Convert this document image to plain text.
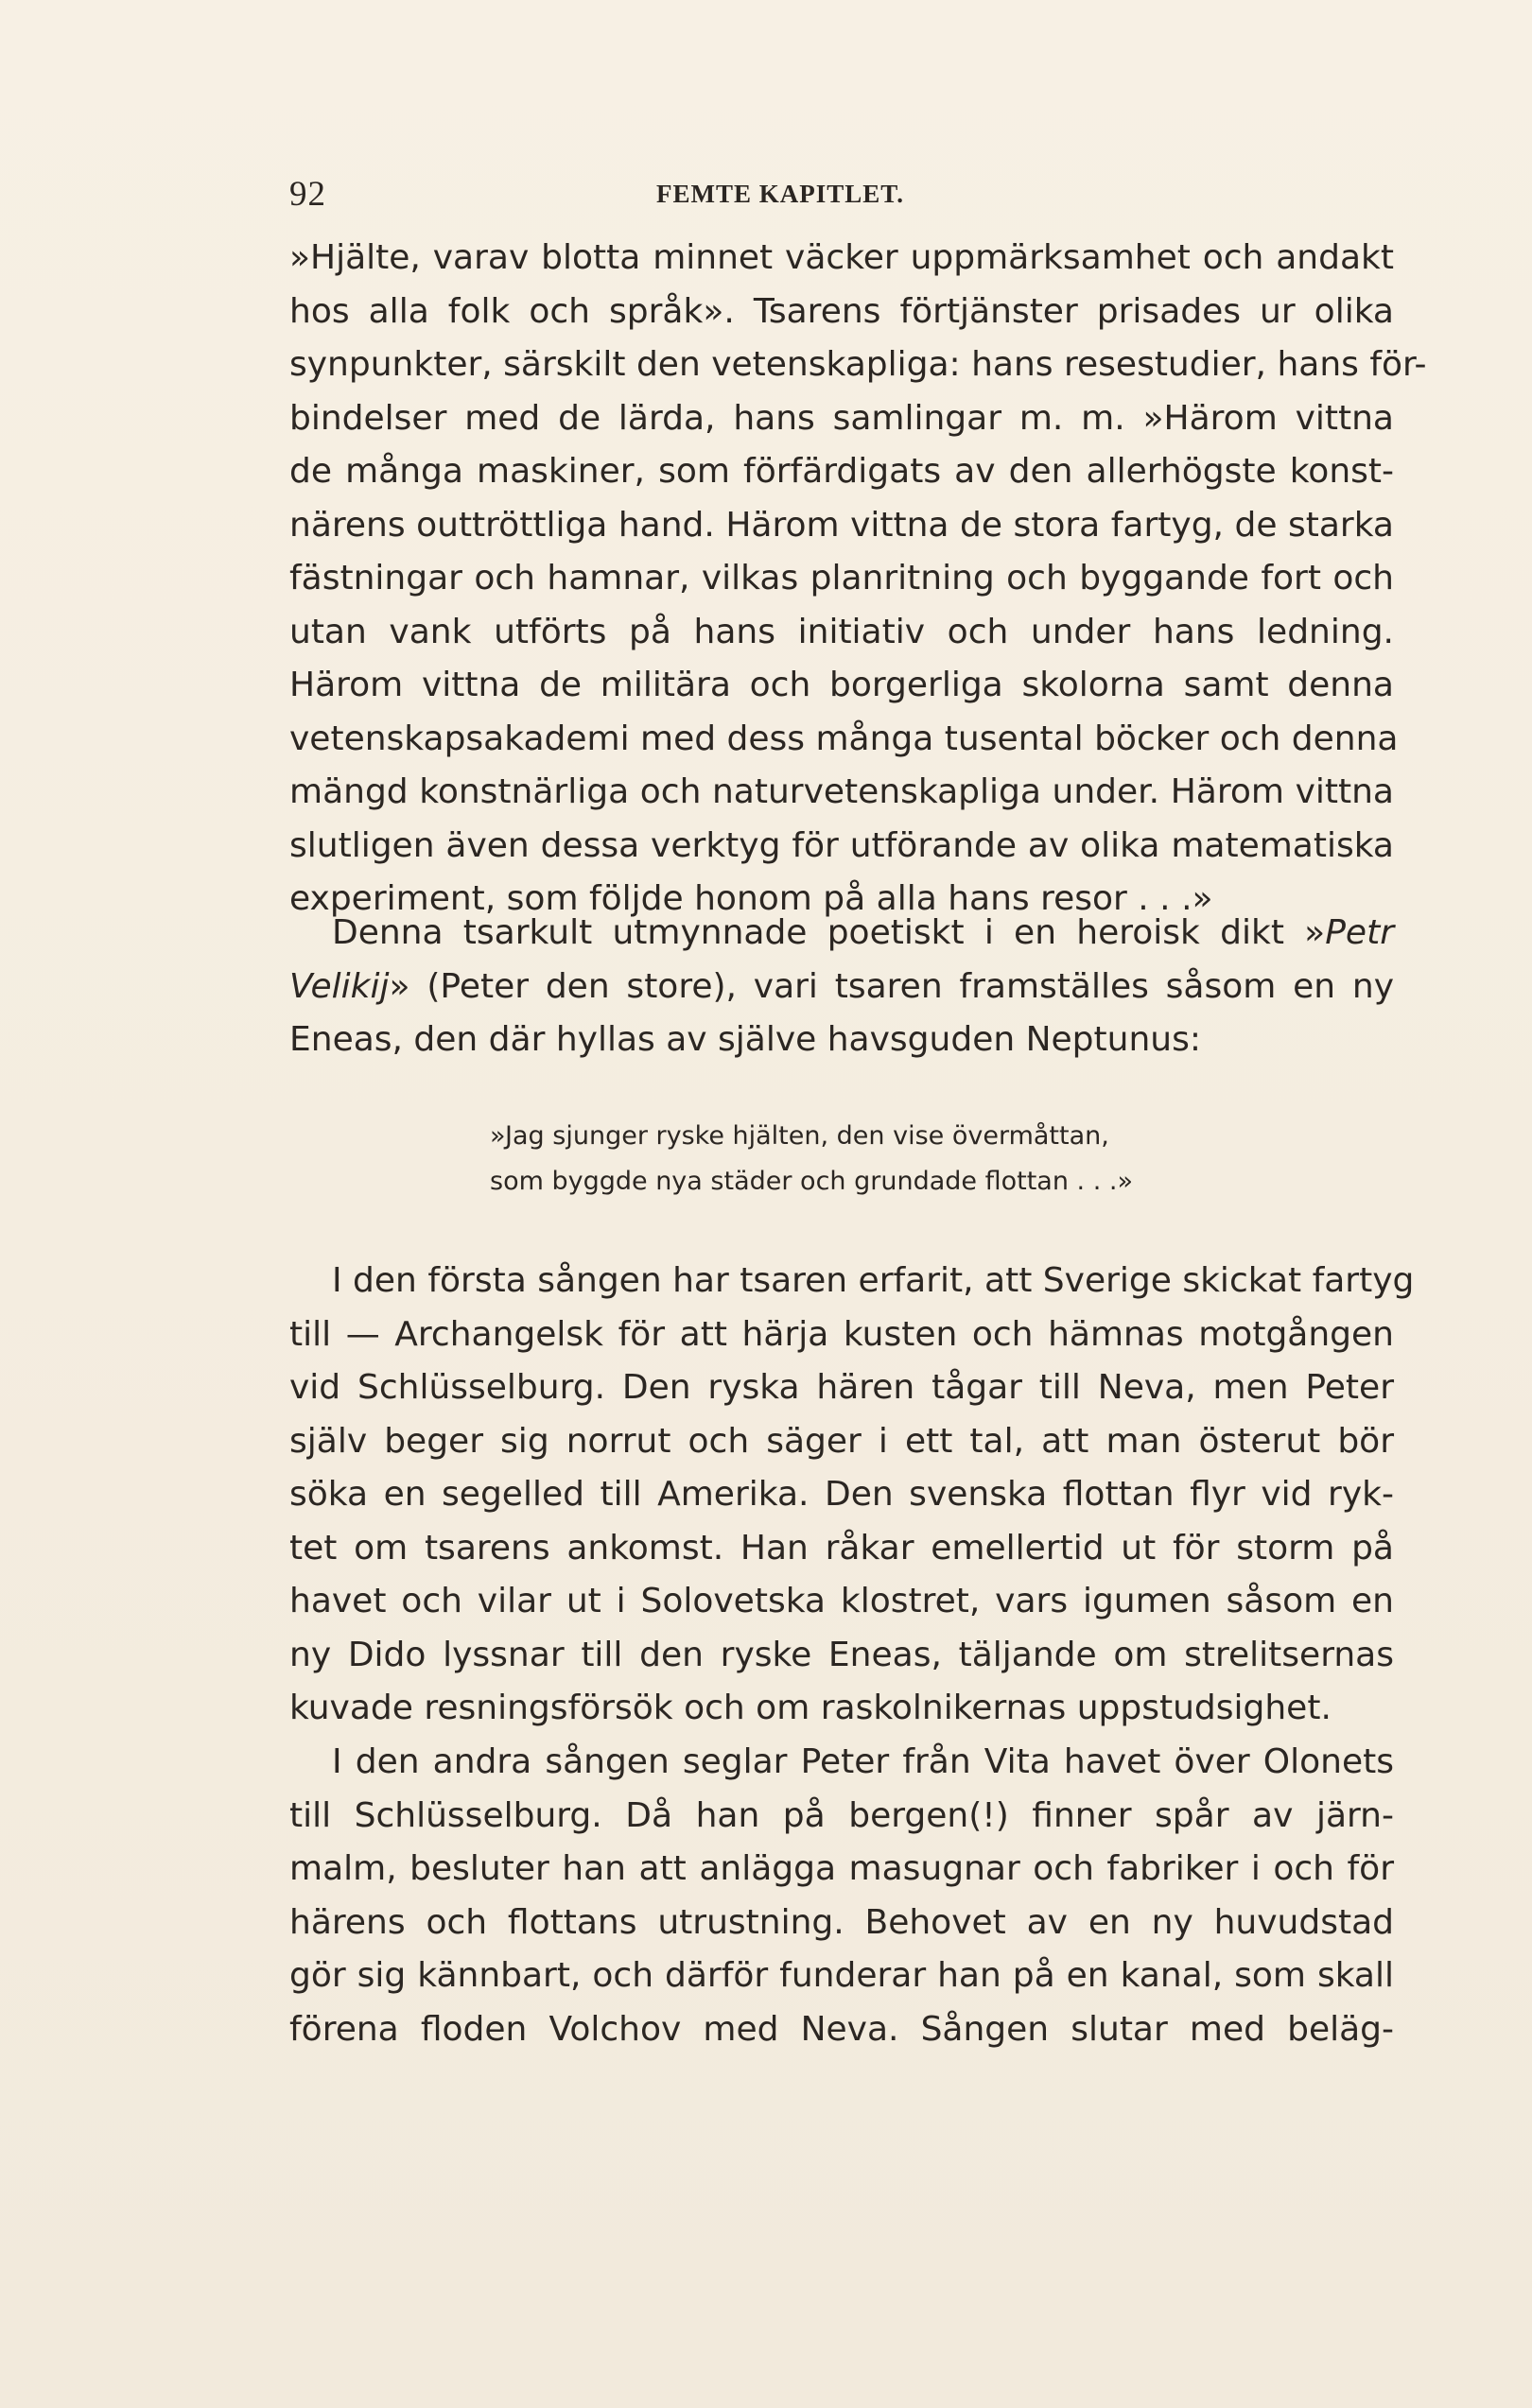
92	FEMTE KAPITLET.
»Hjälte, varav blotta minnet väcker uppmärksamhet och andakt
hos alla folk och språk». Tsarens förtjänster prisades ur olika
synpunkter, särskilt den vetenskapliga: hans resestudier, hans för-
bindelser med de lärda, hans samlingar m. m. »Härom vittna
de många maskiner, som förfärdigats av den allerhögste konst-
närens outtröttliga hand. Härom vittna de stora fartyg, de starka
fästningar och hamnar, vilkas planritning och byggande fort och
utan vank utförts på hans initiativ och under hans ledning.
Härom vittna de militära och borgerliga skolorna samt denna
vetenskapsakademi med dess många tusental böcker och denna
mängd konstnärliga och naturvetenskapliga under. Härom vittna
slutligen även dessa verktyg för utförande av olika matematiska
experiment, som följde honom på alla hans resor . . .»
Denna tsarkult utmynnade poetiskt i en heroisk dikt »Petr
Velikij» (Peter den store), vari tsaren framställes såsom en ny
Eneas, den där hyllas av själve havsguden Neptunus:
»Jag sjunger ryske hjälten, den vise övermåttan,
som byggde nya städer och grundade flottan . . .»
I den första sången har tsaren erfarit, att Sverige skickat fartyg
till — Archangelsk för att härja kusten och hämnas motgången
vid Schlüsselburg. Den ryska hären tågar till Neva, men Peter
själv beger sig norrut och säger i ett tal, att man österut bör
söka en segelled till Amerika. Den svenska flottan flyr vid ryk-
tet om tsarens ankomst. Han råkar emellertid ut för storm på
havet och vilar ut i Solovetska klostret, vars igumen såsom en
ny Dido lyssnar till den ryske Eneas, täljande om strelitsernas
kuvade resningsförsök och om raskolnikernas uppstudsighet.
I den andra sången seglar Peter från Vita havet över Olonets
till Schlüsselburg. Då han på bergen(!) finner spår av järn-
malm, besluter han att anlägga masugnar och fabriker i och för
härens och flottans utrustning. Behovet av en ny huvudstad
gör sig kännbart, och därför funderar han på en kanal, som skall
förena floden Volchov med Neva. Sången slutar med beläg-
